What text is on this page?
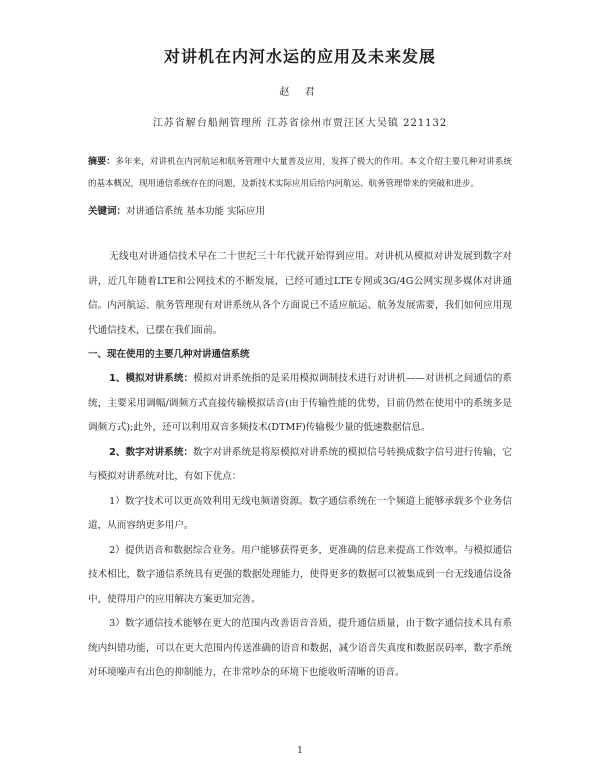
对讲机在内河水运的应用及未来发展
赵 君
江苏省解台船闸管理所 江苏省徐州市贾汪区大吴镇 221132
摘要：多年来，对讲机在内河航运和航务管理中大量普及应用，发挥了极大的作用。本文介绍主要几种对讲系统的基本概况，现用通信系统存在的问题，及新技术实际应用后给内河航运、航务管理带来的突破和进步。
关键词：对讲通信系统 基本功能 实际应用

无线电对讲通信技术早在二十世纪三十年代就开始得到应用。对讲机从模拟对讲发展到数字对讲，近几年随着LTE和公网技术的不断发展，已经可通过LTE专网或3G/4G公网实现多媒体对讲通信。内河航运、航务管理现有对讲系统从各个方面说已不适应航运、航务发展需要，我们如何应用现代通信技术，已摆在我们面前。

一、现在使用的主要几种对讲通信系统

1、模拟对讲系统：模拟对讲系统指的是采用模拟调制技术进行对讲机——对讲机之间通信的系统，主要采用调幅/调频方式直接传输模拟话音(由于传输性能的优势，目前仍然在使用中的系统多是调频方式);此外，还可以利用双音多频技术(DTMF)传输极少量的低速数据信息。

2、数字对讲系统：数字对讲系统是将原模拟对讲系统的模拟信号转换成数字信号进行传输，它与模拟对讲系统对比，有如下优点：

1）数字技术可以更高效利用无线电频谱资源。数字通信系统在一个频道上能够承载多个业务信道，从而容纳更多用户。

2）提供语音和数据综合业务。用户能够获得更多，更准确的信息来提高工作效率。与模拟通信技术相比，数字通信系统具有更强的数据处理能力，使得更多的数据可以被集成到一台无线通信设备中，使得用户的应用解决方案更加完善。

3）数字通信技术能够在更大的范围内改善语音音质，提升通信质量，由于数字通信技术具有系统内纠错功能，可以在更大范围内传送准确的语音和数据，减少语音失真度和数据误码率，数字系统对环境噪声有出色的抑制能力，在非常吵杂的环境下也能收听清晰的语音。

1
